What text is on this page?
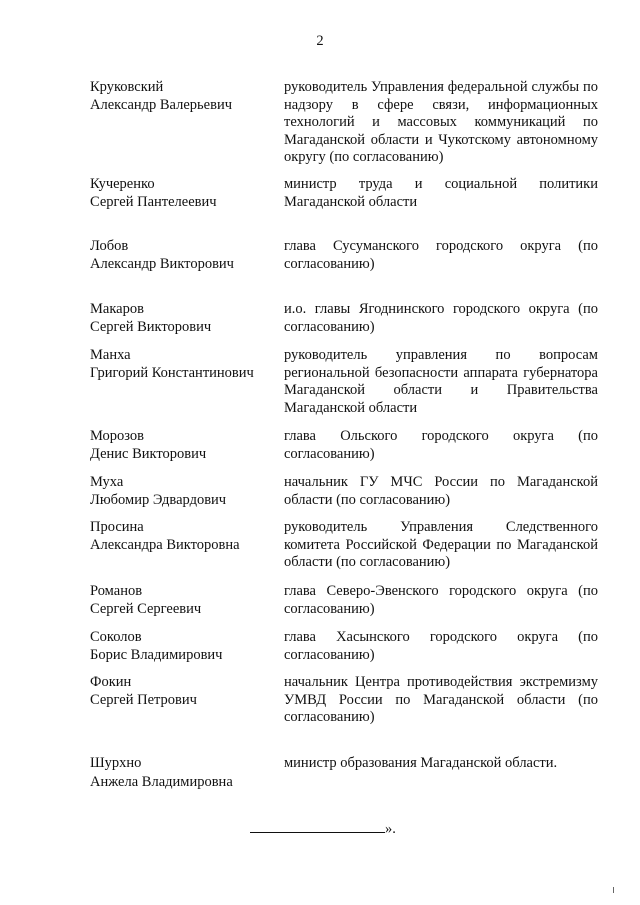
2
Круковский
Александр Валерьевич
руководитель Управления федеральной службы по надзору в сфере связи, информационных технологий и массовых коммуникаций по Магаданской области и Чукотскому автономному округу (по согласованию)
Кучеренко
Сергей Пантелеевич
министр труда и социальной политики Магаданской области
Лобов
Александр Викторович
глава Сусуманского городского округа (по согласованию)
Макаров
Сергей Викторович
и.о. главы Ягоднинского городского округа (по согласованию)
Манха
Григорий Константинович
руководитель управления по вопросам региональной безопасности аппарата губернатора Магаданской области и Правительства Магаданской области
Морозов
Денис Викторович
глава Ольского городского округа (по согласованию)
Муха
Любомир Эдвардович
начальник ГУ МЧС России по Магаданской области (по согласованию)
Просина
Александра Викторовна
руководитель Управления Следственного комитета Российской Федерации по Магаданской области (по согласованию)
Романов
Сергей Сергеевич
глава Северо-Эвенского городского округа (по согласованию)
Соколов
Борис Владимирович
глава Хасынского городского округа (по согласованию)
Фокин
Сергей Петрович
начальник Центра противодействия экстремизму УМВД России по Магаданской области (по согласованию)
Шурхно
Анжела Владимировна
министр образования Магаданской области.
».
